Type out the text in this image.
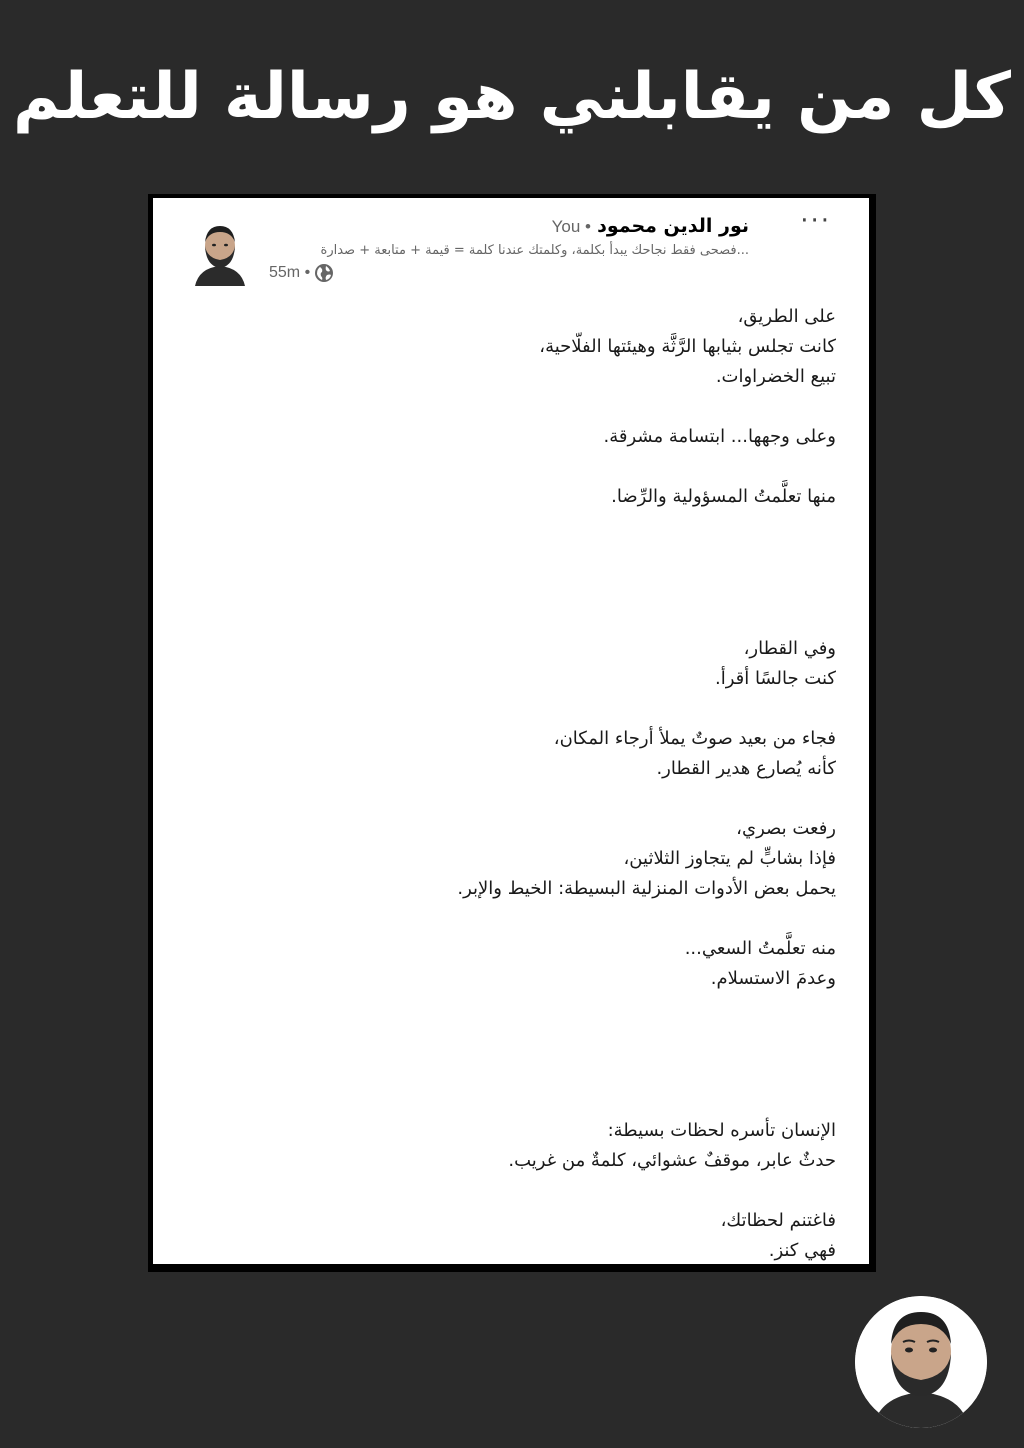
كل من يقابلني هو رسالة للتعلم
نور الدين محمود • You
...فصحى فقط نجاحك يبدأ بكلمة، وكلمتك عندنا كلمة = قيمة + متابعة + صدارة
55m •
···
على الطريق،
كانت تجلس بثيابها الرَّثَّة وهيئتها الفلّاحية،
تبيع الخضراوات.
وعلى وجهها... ابتسامة مشرقة.
منها تعلَّمتُ المسؤولية والرِّضا.
وفي القطار،
كنت جالسًا أقرأ.
فجاء من بعيد صوتٌ يملأ أرجاء المكان،
كأنه يُصارع هدير القطار.
رفعت بصري،
فإذا بشابٍّ لم يتجاوز الثلاثين،
يحمل بعض الأدوات المنزلية البسيطة: الخيط والإبر.
منه تعلَّمتُ السعي...
وعدمَ الاستسلام.
الإنسان تأسره لحظات بسيطة:
حدثٌ عابر، موقفٌ عشوائي، كلمةٌ من غريب.
فاغتنم لحظاتك،
فهي كنز.
